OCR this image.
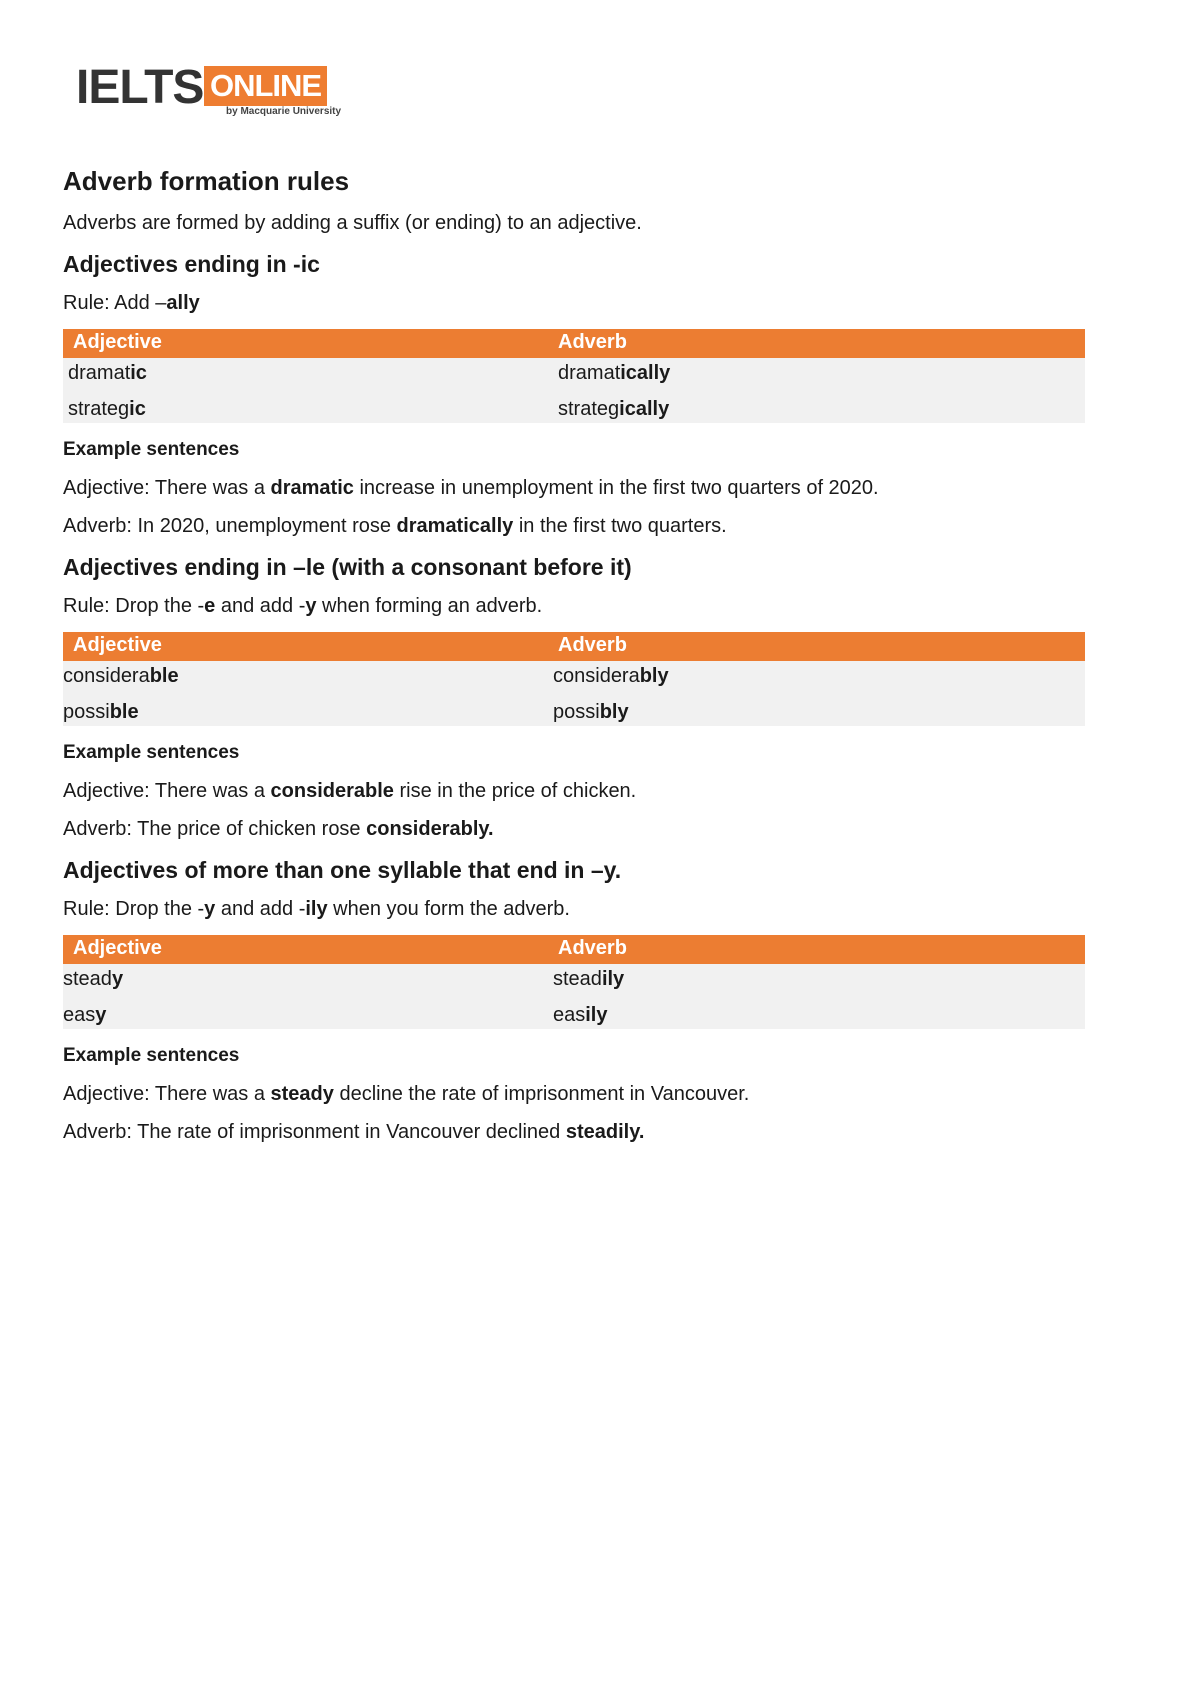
IELTS ONLINE
by Macquarie University
Adverb formation rules
Adverbs are formed by adding a suffix (or ending) to an adjective.
Adjectives ending in -ic
Rule: Add –ally
Adjective	Adverb
dramatic	dramatically
strategic	strategically
Example sentences
Adjective: There was a dramatic increase in unemployment in the first two quarters of 2020.
Adverb: In 2020, unemployment rose dramatically in the first two quarters.
Adjectives ending in –le (with a consonant before it)
Rule: Drop the -e and add -y when forming an adverb.
Adjective	Adverb
considerable	considerably
possible	possibly
Example sentences
Adjective: There was a considerable rise in the price of chicken.
Adverb: The price of chicken rose considerably.
Adjectives of more than one syllable that end in –y.
Rule: Drop the -y and add -ily when you form the adverb.
Adjective	Adverb
steady	steadily
easy	easily
Example sentences
Adjective: There was a steady decline the rate of imprisonment in Vancouver.
Adverb: The rate of imprisonment in Vancouver declined steadily.
